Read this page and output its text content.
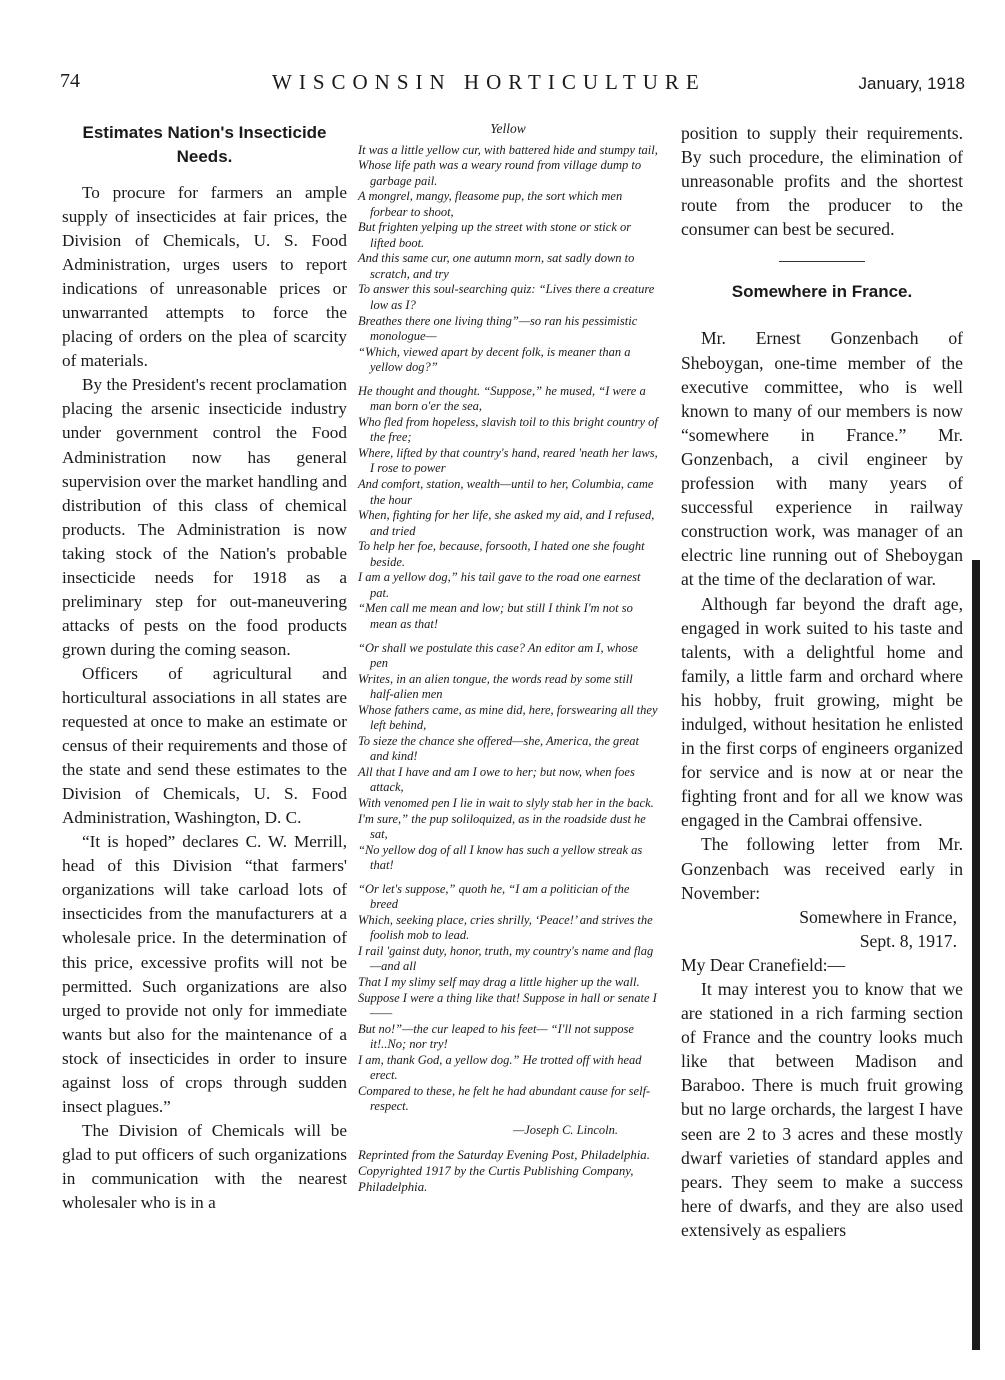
74	WISCONSIN HORTICULTURE	January, 1918
Estimates Nation's Insecticide Needs.

To procure for farmers an ample supply of insecticides at fair prices, the Division of Chemicals, U. S. Food Administration, urges users to report indications of unreasonable prices or unwarranted attempts to force the placing of orders on the plea of scarcity of materials.

By the President's recent proclamation placing the arsenic insecticide industry under government control the Food Administration now has general supervision over the market handling and distribution of this class of chemical products. The Administration is now taking stock of the Nation's probable insecticide needs for 1918 as a preliminary step for out-maneuvering attacks of pests on the food products grown during the coming season.

Officers of agricultural and horticultural associations in all states are requested at once to make an estimate or census of their requirements and those of the state and send these estimates to the Division of Chemicals, U. S. Food Administration, Washington, D. C.

“It is hoped” declares C. W. Merrill, head of this Division “that farmers' organizations will take carload lots of insecticides from the manufacturers at a wholesale price. In the determination of this price, excessive profits will not be permitted. Such organizations are also urged to provide not only for immediate wants but also for the maintenance of a stock of insecticides in order to insure against loss of crops through sudden insect plagues.”

The Division of Chemicals will be glad to put officers of such organizations in communication with the nearest wholesaler who is in a

Yellow
It was a little yellow cur, with battered hide and stumpy tail,
Whose life path was a weary round from village dump to garbage pail.
A mongrel, mangy, fleasome pup, the sort which men forbear to shoot,
But frighten yelping up the street with stone or stick or lifted boot.
And this same cur, one autumn morn, sat sadly down to scratch, and try
To answer this soul-searching quiz: “Lives there a creature low as I?
Breathes there one living thing”—so ran his pessimistic monologue—
“Which, viewed apart by decent folk, is meaner than a yellow dog?”
He thought and thought. “Suppose,” he mused, “I were a man born o'er the sea,
Who fled from hopeless, slavish toil to this bright country of the free;
Where, lifted by that country's hand, reared 'neath her laws, I rose to power
And comfort, station, wealth—until to her, Columbia, came the hour
When, fighting for her life, she asked my aid, and I refused, and tried
To help her foe, because, forsooth, I hated one she fought beside.
I am a yellow dog,” his tail gave to the road one earnest pat.
“Men call me mean and low; but still I think I'm not so mean as that!
“Or shall we postulate this case? An editor am I, whose pen
Writes, in an alien tongue, the words read by some still half-alien men
Whose fathers came, as mine did, here, forswearing all they left behind,
To sieze the chance she offered—she, America, the great and kind!
All that I have and am I owe to her; but now, when foes attack,
With venomed pen I lie in wait to slyly stab her in the back.
I'm sure,” the pup soliloquized, as in the roadside dust he sat,
“No yellow dog of all I know has such a yellow streak as that!
“Or let's suppose,” quoth he, “I am a politician of the breed
Which, seeking place, cries shrilly, ‘Peace!’ and strives the foolish mob to lead.
I rail 'gainst duty, honor, truth, my country's name and flag—and all
That I my slimy self may drag a little higher up the wall.
Suppose I were a thing like that! Suppose in hall or senate I——
But no!”—the cur leaped to his feet— “I'll not suppose it!..No; nor try!
I am, thank God, a yellow dog.” He trotted off with head erect.
Compared to these, he felt he had abundant cause for self-respect.
—Joseph C. Lincoln.
Reprinted from the Saturday Evening Post, Philadelphia. Copyrighted 1917 by the Curtis Publishing Company, Philadelphia.

position to supply their requirements. By such procedure, the elimination of unreasonable profits and the shortest route from the producer to the consumer can best be secured.

Somewhere in France.

Mr. Ernest Gonzenbach of Sheboygan, one-time member of the executive committee, who is well known to many of our members is now “somewhere in France.” Mr. Gonzenbach, a civil engineer by profession with many years of successful experience in railway construction work, was manager of an electric line running out of Sheboygan at the time of the declaration of war.

Although far beyond the draft age, engaged in work suited to his taste and talents, with a delightful home and family, a little farm and orchard where his hobby, fruit growing, might be indulged, without hesitation he enlisted in the first corps of engineers organized for service and is now at or near the fighting front and for all we know was engaged in the Cambrai offensive.

The following letter from Mr. Gonzenbach was received early in November:

Somewhere in France,
Sept. 8, 1917.

My Dear Cranefield:—

It may interest you to know that we are stationed in a rich farming section of France and the country looks much like that between Madison and Baraboo. There is much fruit growing but no large orchards, the largest I have seen are 2 to 3 acres and these mostly dwarf varieties of standard apples and pears. They seem to make a success here of dwarfs, and they are also used extensively as espaliers
